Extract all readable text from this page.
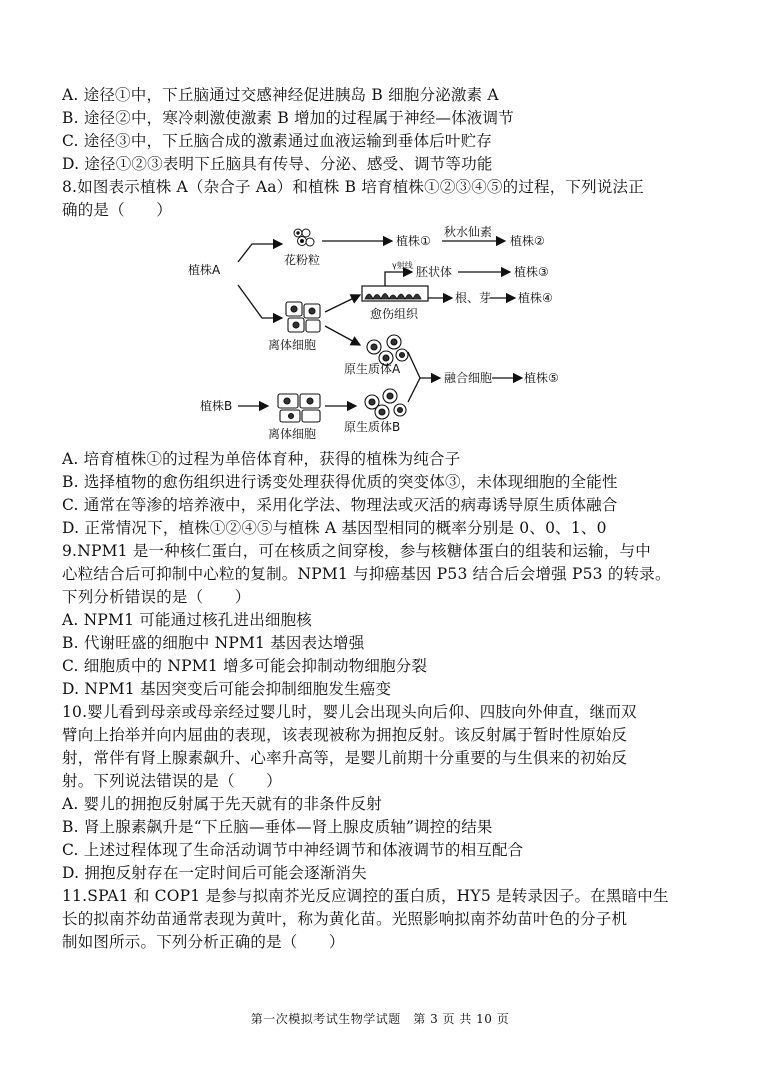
A. 途径①中，下丘脑通过交感神经促进胰岛 B 细胞分泌激素 A
B. 途径②中，寒冷刺激使激素 B 增加的过程属于神经—体液调节
C. 途径③中，下丘脑合成的激素通过血液运输到垂体后叶贮存
D. 途径①②③表明下丘脑具有传导、分泌、感受、调节等功能
8.如图表示植株 A（杂合子 Aa）和植株 B 培育植株①②③④⑤的过程，下列说法正
确的是（　　）
植株A
花粉粒
植株①
秋水仙素
植株②
γ射线 胚状体	植株③
愈伤组织
根、芽 植株④
离体细胞
原生质体A
融合细胞	植株⑤
植株B
离体细胞 原生质体B
A. 培育植株①的过程为单倍体育种，获得的植株为纯合子
B. 选择植物的愈伤组织进行诱变处理获得优质的突变体③，未体现细胞的全能性
C. 通常在等渗的培养液中，采用化学法、物理法或灭活的病毒诱导原生质体融合
D. 正常情况下，植株①②④⑤与植株 A 基因型相同的概率分别是 0、0、1、0
9.NPM1 是一种核仁蛋白，可在核质之间穿梭，参与核糖体蛋白的组装和运输，与中
心粒结合后可抑制中心粒的复制。NPM1 与抑癌基因 P53 结合后会增强 P53 的转录。
下列分析错误的是（　　）
A. NPM1 可能通过核孔进出细胞核
B. 代谢旺盛的细胞中 NPM1 基因表达增强
C. 细胞质中的 NPM1 增多可能会抑制动物细胞分裂
D. NPM1 基因突变后可能会抑制细胞发生癌变
10.婴儿看到母亲或母亲经过婴儿时，婴儿会出现头向后仰、四肢向外伸直，继而双
臂向上抬举并向内屈曲的表现，该表现被称为拥抱反射。该反射属于暂时性原始反
射，常伴有肾上腺素飙升、心率升高等，是婴儿前期十分重要的与生俱来的初始反
射。下列说法错误的是（　　）
A. 婴儿的拥抱反射属于先天就有的非条件反射
B. 肾上腺素飙升是“下丘脑—垂体—肾上腺皮质轴”调控的结果
C. 上述过程体现了生命活动调节中神经调节和体液调节的相互配合
D. 拥抱反射存在一定时间后可能会逐渐消失
11.SPA1 和 COP1 是参与拟南芥光反应调控的蛋白质，HY5 是转录因子。在黑暗中生
长的拟南芥幼苗通常表现为黄叶，称为黄化苗。光照影响拟南芥幼苗叶色的分子机
制如图所示。下列分析正确的是（　　）
第一次模拟考试生物学试题　第 3 页 共 10 页
